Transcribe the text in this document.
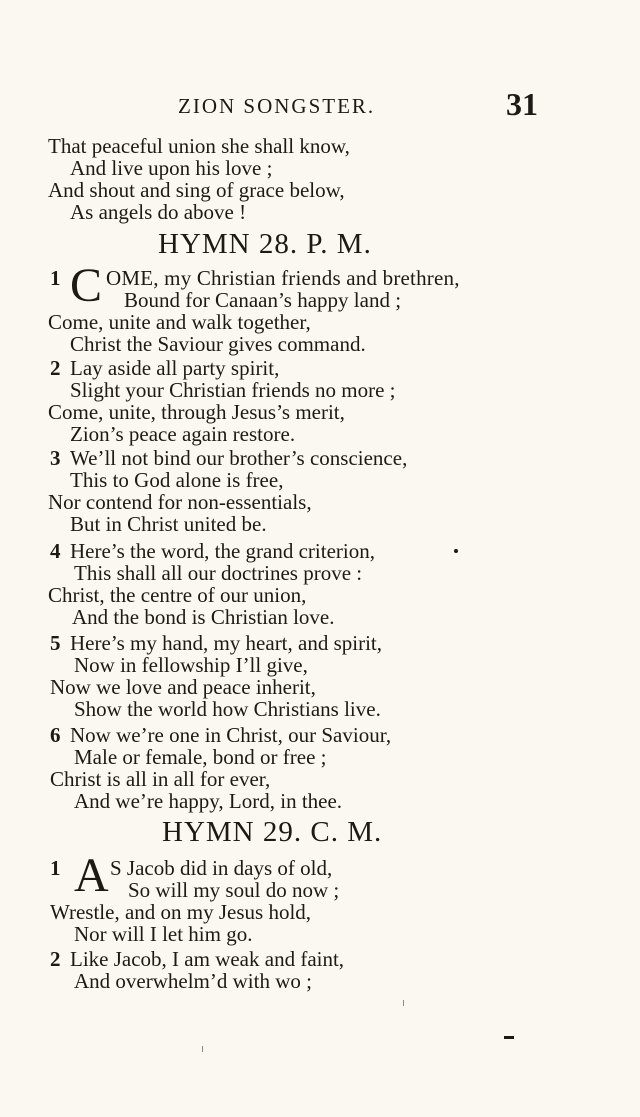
ZION SONGSTER.	31
That peaceful union she shall know,
And live upon his love ;
And shout and sing of grace below,
As angels do above !
HYMN 28. P. M.
1 C OME, my Christian friends and brethren,
Bound for Canaan’s happy land ;
Come, unite and walk together,
Christ the Saviour gives command.
2 Lay aside all party spirit,
Slight your Christian friends no more ;
Come, unite, through Jesus’s merit,
Zion’s peace again restore.
3 We’ll not bind our brother’s conscience,
This to God alone is free,
Nor contend for non-essentials,
But in Christ united be.
4 Here’s the word, the grand criterion,
This shall all our doctrines prove :
Christ, the centre of our union,
And the bond is Christian love.
5 Here’s my hand, my heart, and spirit,
Now in fellowship I’ll give,
Now we love and peace inherit,
Show the world how Christians live.
6 Now we’re one in Christ, our Saviour,
Male or female, bond or free ;
Christ is all in all for ever,
And we’re happy, Lord, in thee.
HYMN 29. C. M.
1 A S Jacob did in days of old,
So will my soul do now ;
Wrestle, and on my Jesus hold,
Nor will I let him go.
2 Like Jacob, I am weak and faint,
And overwhelm’d with wo ;
